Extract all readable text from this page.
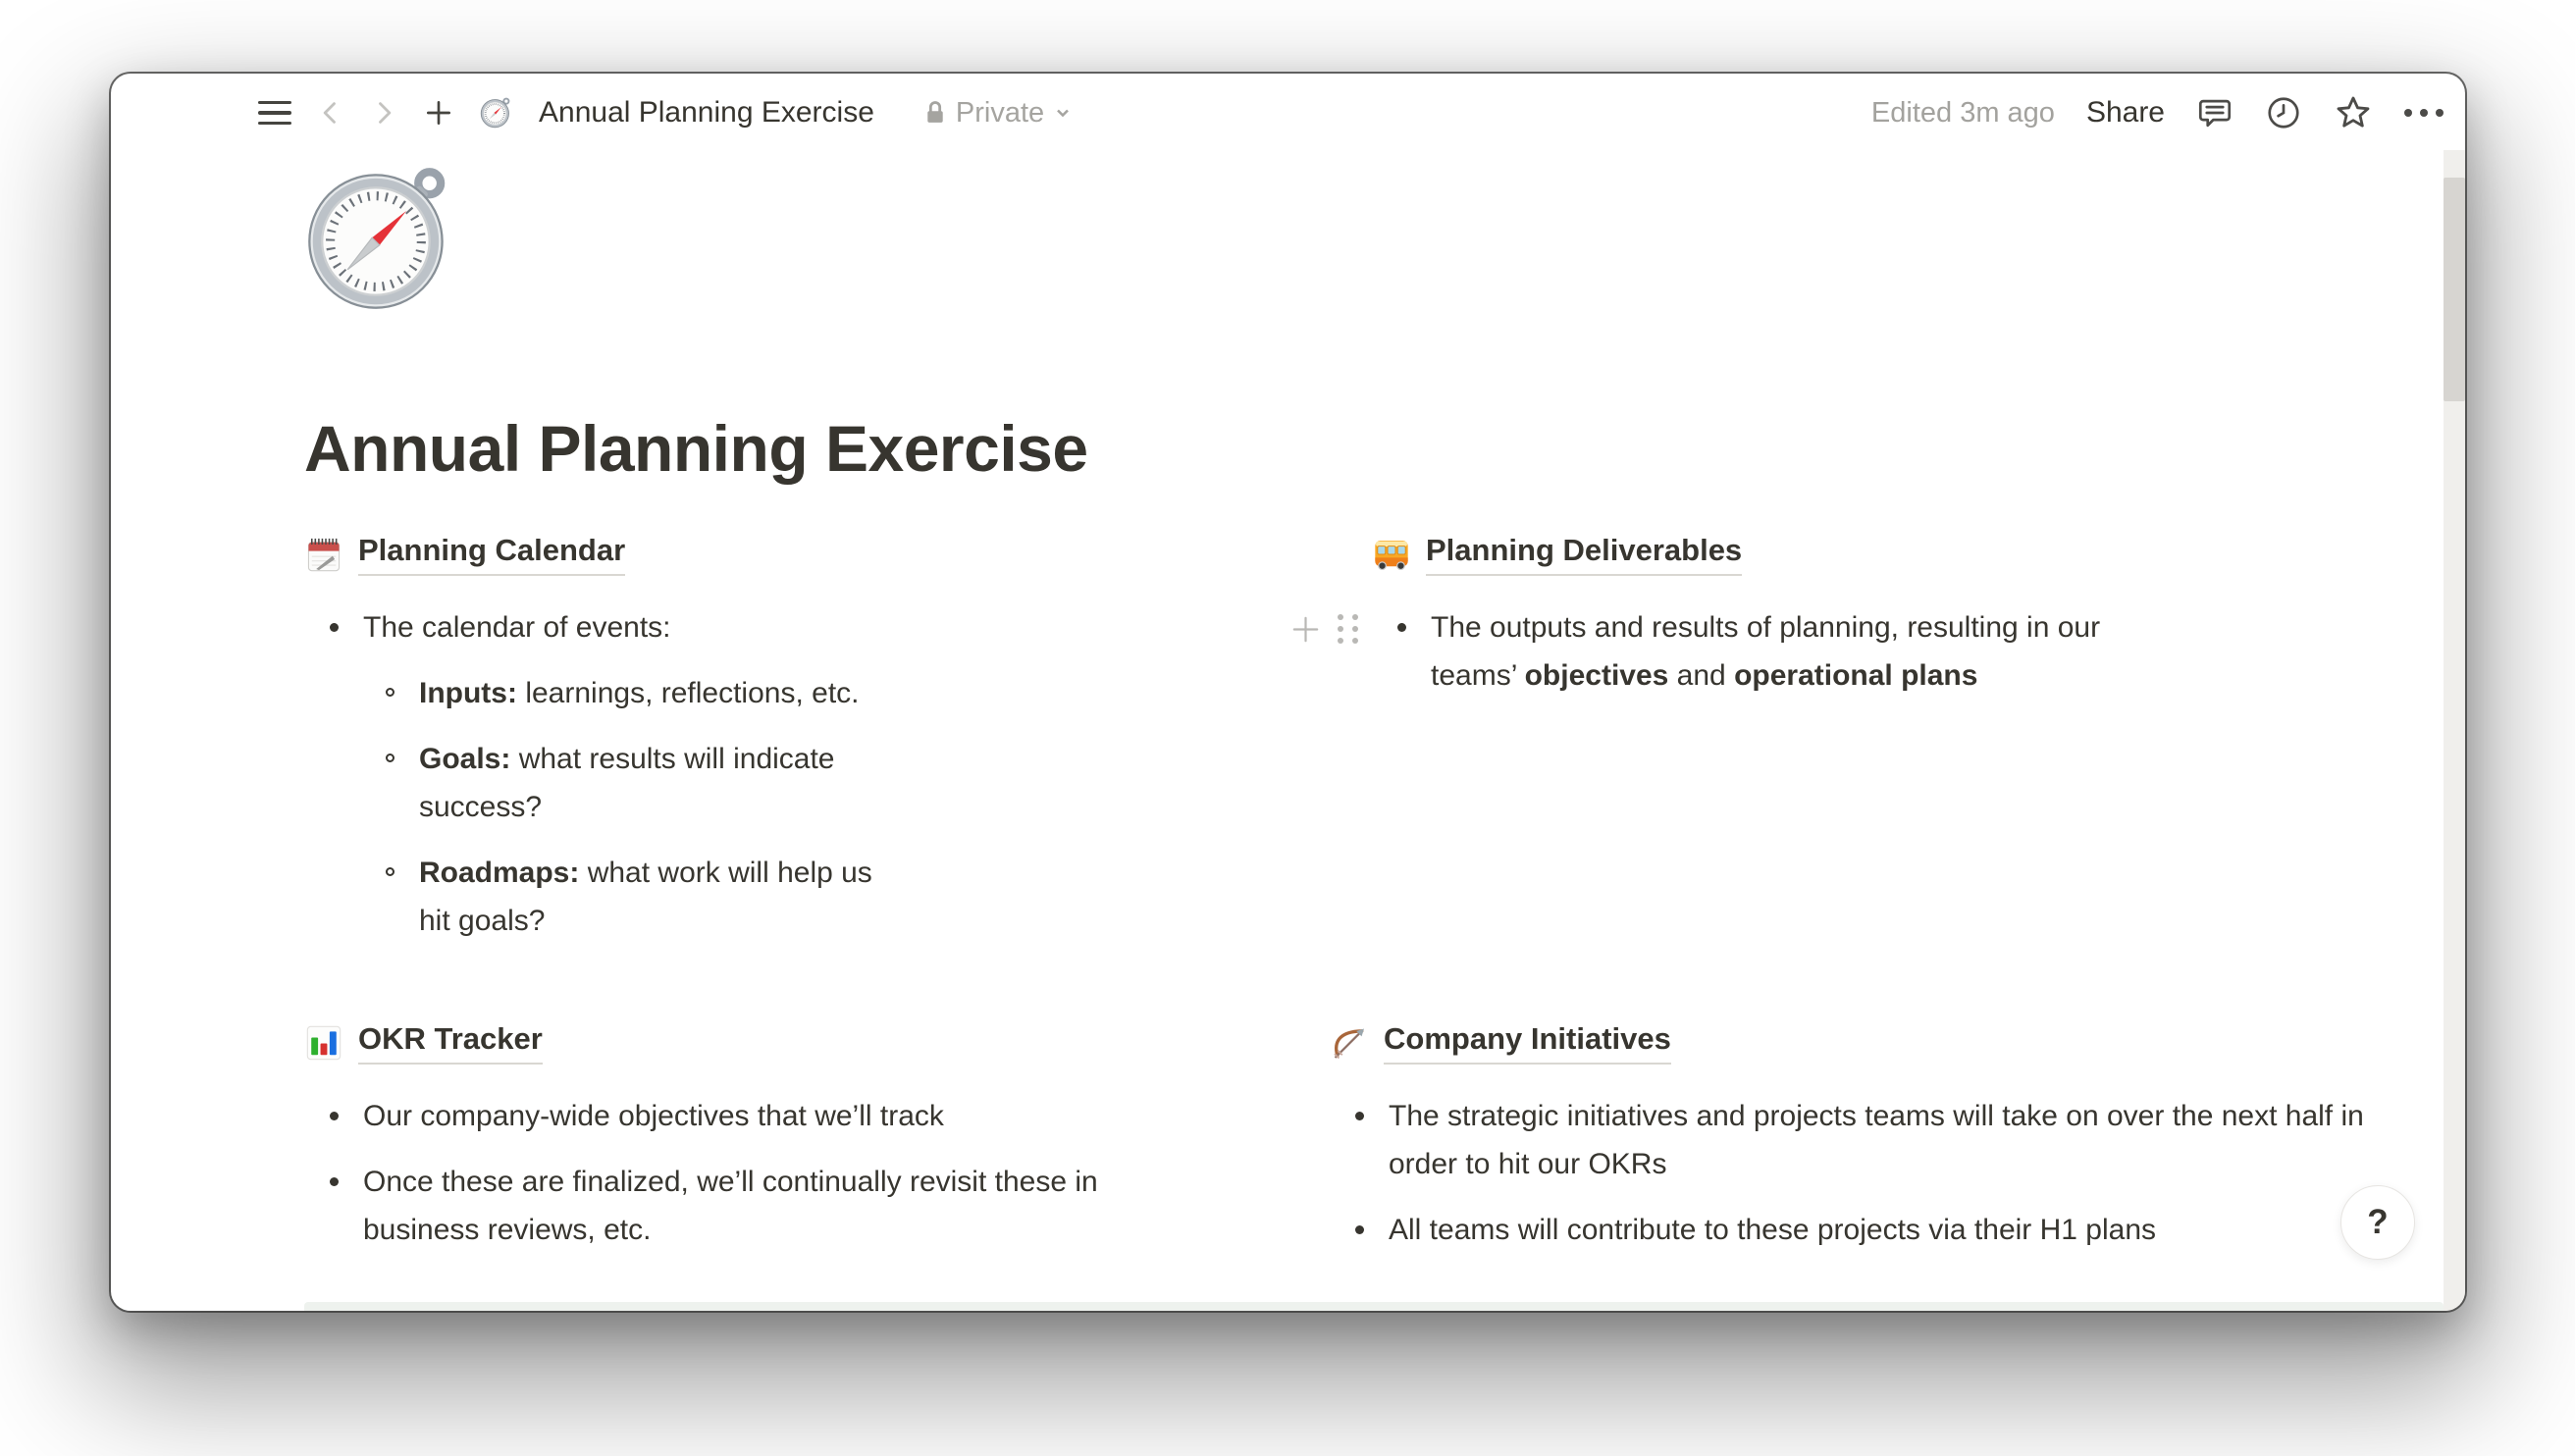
Annual Planning Exercise	Private	Edited 3m ago Share
Annual Planning Exercise
Planning Calendar
The calendar of events:
Inputs: learnings, reflections, etc.
Goals: what results will indicate success?
Roadmaps: what work will help us hit goals?
Planning Deliverables
The outputs and results of planning, resulting in our teams’ objectives and operational plans
OKR Tracker
Our company-wide objectives that we’ll track
Once these are finalized, we’ll continually revisit these in business reviews, etc.
Company Initiatives
The strategic initiatives and projects teams will take on over the next half in order to hit our OKRs
All teams will contribute to these projects via their H1 plans	?
